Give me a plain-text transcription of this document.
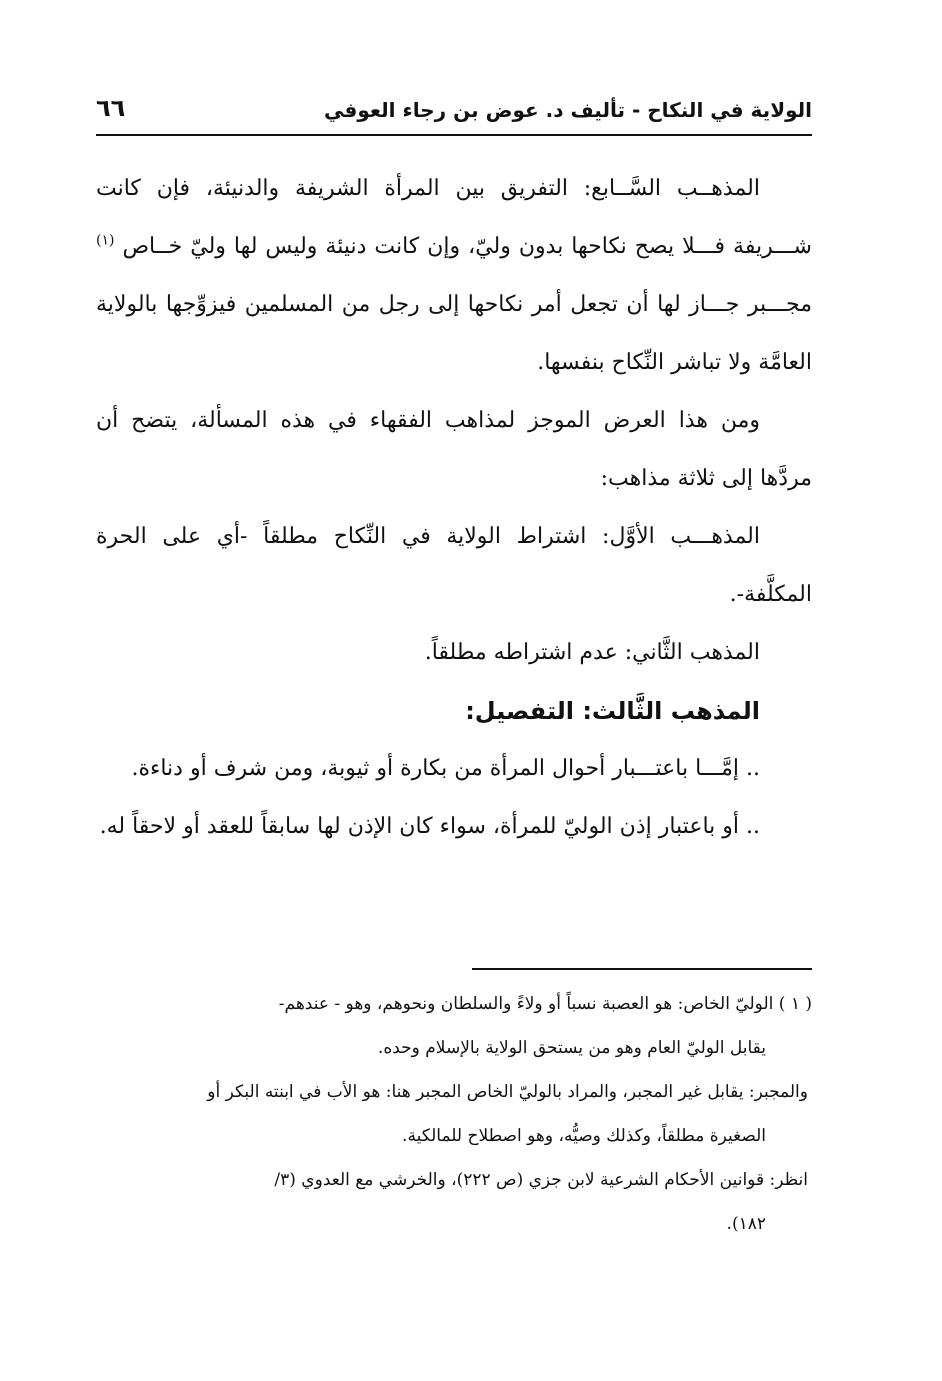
الولاية في النكاح - تأليف د. عوض بن رجاء العوفي
٦٦

المذهــب السَّــابع: التفريق بين المرأة الشريفة والدنيئة، فإن كانت شـــريفة فـــلا يصح نكاحها بدون وليّ، وإن كانت دنيئة وليس لها وليّ خــاص $^{(١)}$ مجـــبر جـــاز لها أن تجعل أمر نكاحها إلى رجل من المسلمين فيزوِّجها بالولاية العامَّة ولا تباشر النِّكاح بنفسها.

ومن هذا العرض الموجز لمذاهب الفقهاء في هذه المسألة، يتضح أن مردَّها إلى ثلاثة مذاهب:

المذهـــب الأوَّل: اشتراط الولاية في النِّكاح مطلقاً -أي على الحرة المكلَّفة-.

المذهب الثَّاني: عدم اشتراطه مطلقاً.

المذهب الثَّالث: التفصيل:

.. إمَّـــا باعتـــبار أحوال المرأة من بكارة أو ثيوبة، ومن شرف أو دناءة.

.. أو باعتبار إذن الوليّ للمرأة، سواء كان الإذن لها سابقاً للعقد أو لاحقاً له.

( ١ ) الوليّ الخاص: هو العصبة نسباً أو ولاءً والسلطان ونحوهم، وهو - عندهم-

يقابل الوليّ العام وهو من يستحق الولاية بالإسلام وحده.

والمجبر: يقابل غير المجبر، والمراد بالوليّ الخاص المجبر هنا: هو الأب في ابنته البكر أو

الصغيرة مطلقاً، وكذلك وصيُّه، وهو اصطلاح للمالكية.

انظر: قوانين الأحكام الشرعية لابن جزي (ص ٢٢٢)، والخرشي مع العدوي (٣/

١٨٢).
